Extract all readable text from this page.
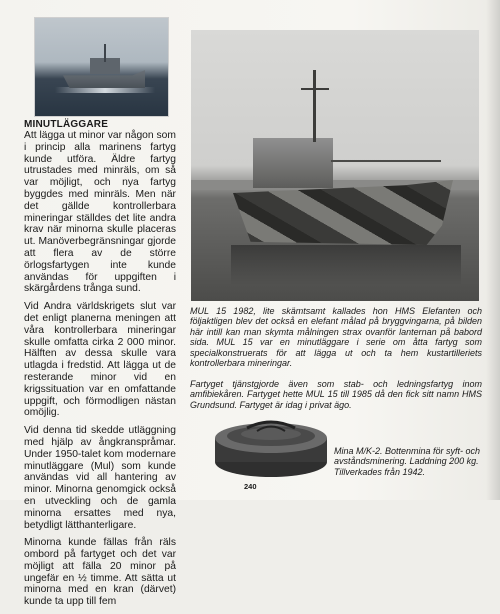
MINUTLÄGGARE

Att lägga ut minor var någon som i princip alla marinens fartyg kunde utföra. Äldre fartyg utrustades med minräls, om så var möjligt, och nya fartyg byggdes med minräls. Men när det gällde kontrollerbara mineringar ställdes det lite andra krav när minorna skulle placeras ut. Manöverbegränsningar gjorde att flera av de större örlogsfartygen inte kunde användas för uppgiften i skärgårdens trånga sund.

Vid Andra världskrigets slut var det enligt planerna meningen att våra kontrollerbara mineringar skulle omfatta cirka 2 000 minor. Hälften av dessa skulle vara utlagda i fredstid. Att lägga ut de resterande minor vid en krigssituation var en omfattande uppgift, och förmodligen nästan omöjlig.

Vid denna tid skedde utläggning med hjälp av ångkranspråmar. Under 1950-talet kom modernare minutläggare (Mul) som kunde användas vid all hantering av minor. Minorna genomgick också en utveckling och de gamla minorna ersattes med nya, betydligt lätthanterligare.

Minorna kunde fällas från räls ombord på fartyget och det var möjligt att fälla 20 minor på ungefär en ½ timme. Att sätta ut minorna med en kran (därvet) kunde ta upp till fem

MUL 15 1982, lite skämtsamt kallades hon HMS Elefanten och följaktligen blev det också en elefant målad på bryggvingarna, på bilden här intill kan man skymta målningen strax ovanför lanternan på babord sida. MUL 15 var en minutläggare i serie om åtta fartyg som specialkonstruerats för att lägga ut och ta hem kustartilleriets kontrollerbara mineringar.
Fartyget tjänstgjorde även som stab- och ledningsfartyg inom amfibiekåren. Fartyget hette MUL 15 till 1985 då den fick sitt namn HMS Grundsund. Fartyget är idag i privat ägo.
Mina M/K-2. Bottenmina för syft- och avståndsminering. Laddning 200 kg. Tillverkades från 1942.
240
